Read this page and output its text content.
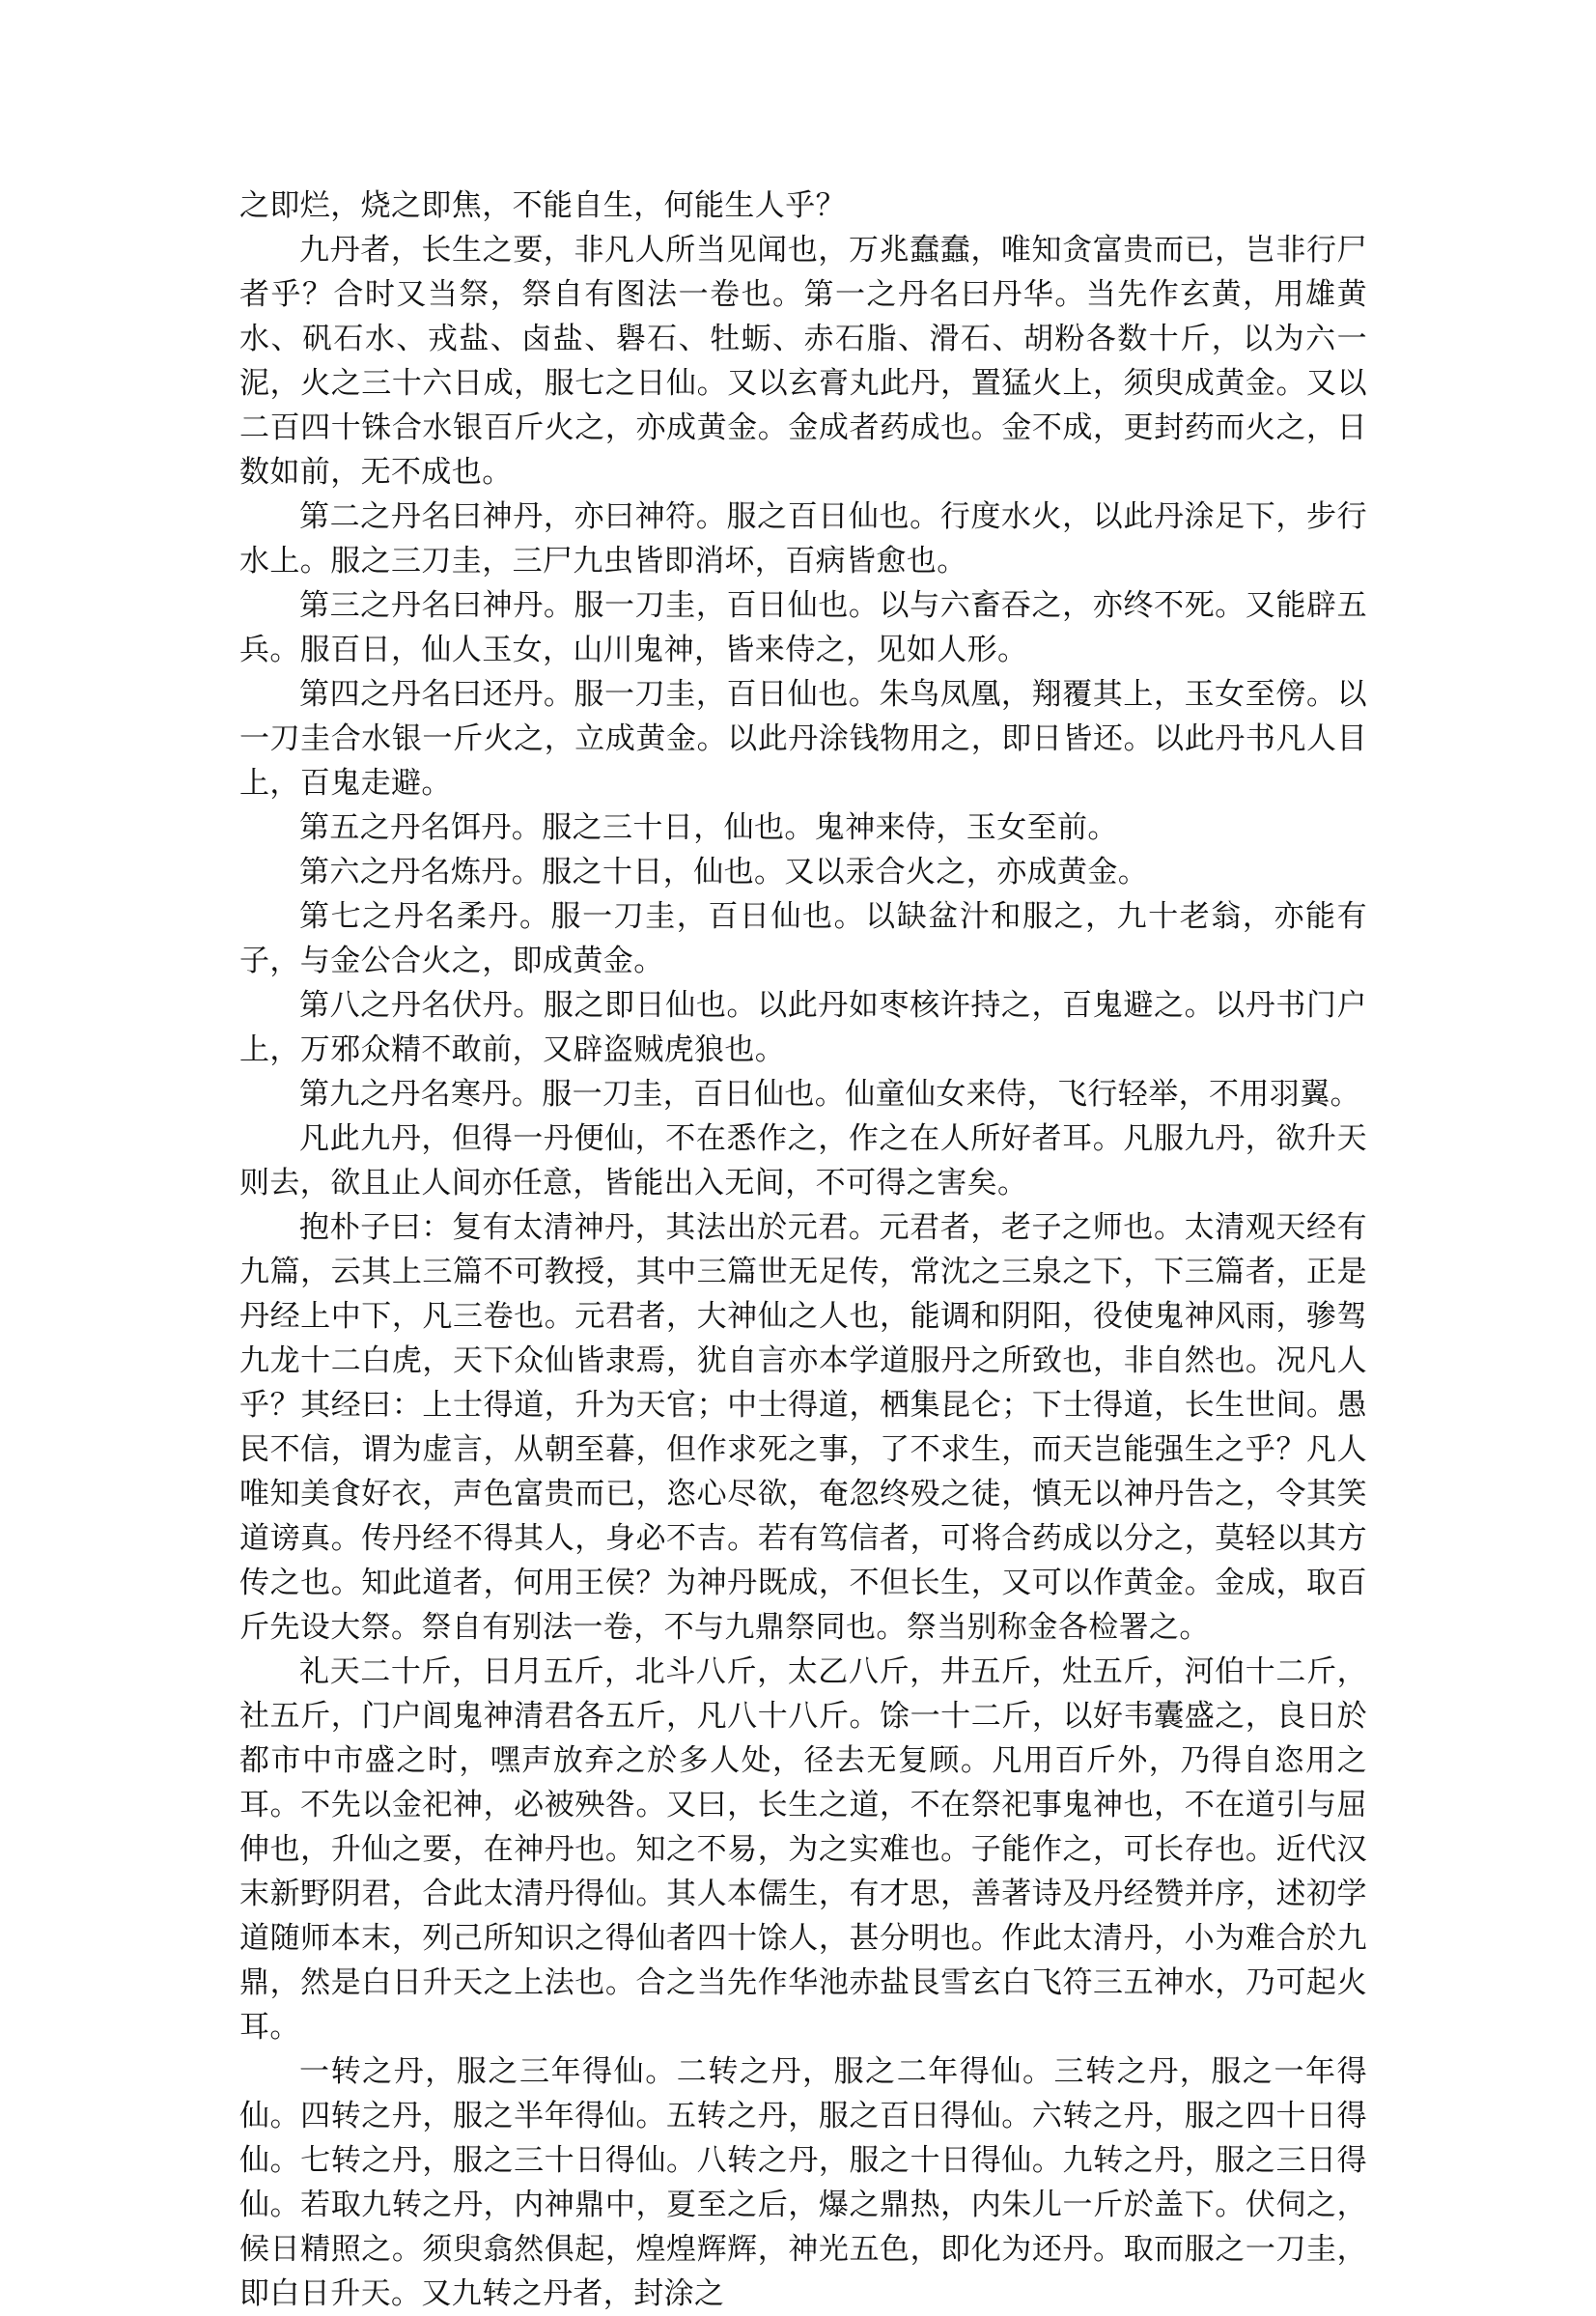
之即烂，烧之即焦，不能自生，何能生人乎？

九丹者，长生之要，非凡人所当见闻也，万兆蠢蠢，唯知贪富贵而已，岂非行尸者乎？合时又当祭，祭自有图法一卷也。第一之丹名曰丹华。当先作玄黄，用雄黄水、矾石水、戎盐、卤盐、礜石、牡蛎、赤石脂、滑石、胡粉各数十斤，以为六一泥，火之三十六日成，服七之日仙。又以玄膏丸此丹，置猛火上，须臾成黄金。又以二百四十铢合水银百斤火之，亦成黄金。金成者药成也。金不成，更封药而火之，日数如前，无不成也。

第二之丹名曰神丹，亦曰神符。服之百日仙也。行度水火，以此丹涂足下，步行水上。服之三刀圭，三尸九虫皆即消坏，百病皆愈也。

第三之丹名曰神丹。服一刀圭，百日仙也。以与六畜吞之，亦终不死。又能辟五兵。服百日，仙人玉女，山川鬼神，皆来侍之，见如人形。

第四之丹名曰还丹。服一刀圭，百日仙也。朱鸟凤凰，翔覆其上，玉女至傍。以一刀圭合水银一斤火之，立成黄金。以此丹涂钱物用之，即日皆还。以此丹书凡人目上，百鬼走避。

第五之丹名饵丹。服之三十日，仙也。鬼神来侍，玉女至前。

第六之丹名炼丹。服之十日，仙也。又以汞合火之，亦成黄金。

第七之丹名柔丹。服一刀圭，百日仙也。以缺盆汁和服之，九十老翁，亦能有子，与金公合火之，即成黄金。

第八之丹名伏丹。服之即日仙也。以此丹如枣核许持之，百鬼避之。以丹书门户上，万邪众精不敢前，又辟盗贼虎狼也。

第九之丹名寒丹。服一刀圭，百日仙也。仙童仙女来侍，飞行轻举，不用羽翼。

凡此九丹，但得一丹便仙，不在悉作之，作之在人所好者耳。凡服九丹，欲升天则去，欲且止人间亦任意，皆能出入无间，不可得之害矣。

抱朴子曰：复有太清神丹，其法出於元君。元君者，老子之师也。太清观天经有九篇，云其上三篇不可教授，其中三篇世无足传，常沈之三泉之下，下三篇者，正是丹经上中下，凡三卷也。元君者，大神仙之人也，能调和阴阳，役使鬼神风雨，骖驾九龙十二白虎，天下众仙皆隶焉，犹自言亦本学道服丹之所致也，非自然也。况凡人乎？其经曰：上士得道，升为天官；中士得道，栖集昆仑；下士得道，长生世间。愚民不信，谓为虚言，从朝至暮，但作求死之事，了不求生，而天岂能强生之乎？凡人唯知美食好衣，声色富贵而已，恣心尽欲，奄忽终殁之徒，慎无以神丹告之，令其笑道谤真。传丹经不得其人，身必不吉。若有笃信者，可将合药成以分之，莫轻以其方传之也。知此道者，何用王侯？为神丹既成，不但长生，又可以作黄金。金成，取百斤先设大祭。祭自有别法一卷，不与九鼎祭同也。祭当别称金各检署之。

礼天二十斤，日月五斤，北斗八斤，太乙八斤，井五斤，灶五斤，河伯十二斤，社五斤，门户闾鬼神清君各五斤，凡八十八斤。馀一十二斤，以好韦囊盛之，良日於都市中市盛之时，嘿声放弃之於多人处，径去无复顾。凡用百斤外，乃得自恣用之耳。不先以金祀神，必被殃咎。又曰，长生之道，不在祭祀事鬼神也，不在道引与屈伸也，升仙之要，在神丹也。知之不易，为之实难也。子能作之，可长存也。近代汉末新野阴君，合此太清丹得仙。其人本儒生，有才思，善著诗及丹经赞并序，述初学道随师本末，列己所知识之得仙者四十馀人，甚分明也。作此太清丹，小为难合於九鼎，然是白日升天之上法也。合之当先作华池赤盐艮雪玄白飞符三五神水，乃可起火耳。

一转之丹，服之三年得仙。二转之丹，服之二年得仙。三转之丹，服之一年得仙。四转之丹，服之半年得仙。五转之丹，服之百日得仙。六转之丹，服之四十日得仙。七转之丹，服之三十日得仙。八转之丹，服之十日得仙。九转之丹，服之三日得仙。若取九转之丹，内神鼎中，夏至之后，爆之鼎热，内朱儿一斤於盖下。伏伺之，候日精照之。须臾翕然俱起，煌煌辉辉，神光五色，即化为还丹。取而服之一刀圭，即白日升天。又九转之丹者，封涂之
